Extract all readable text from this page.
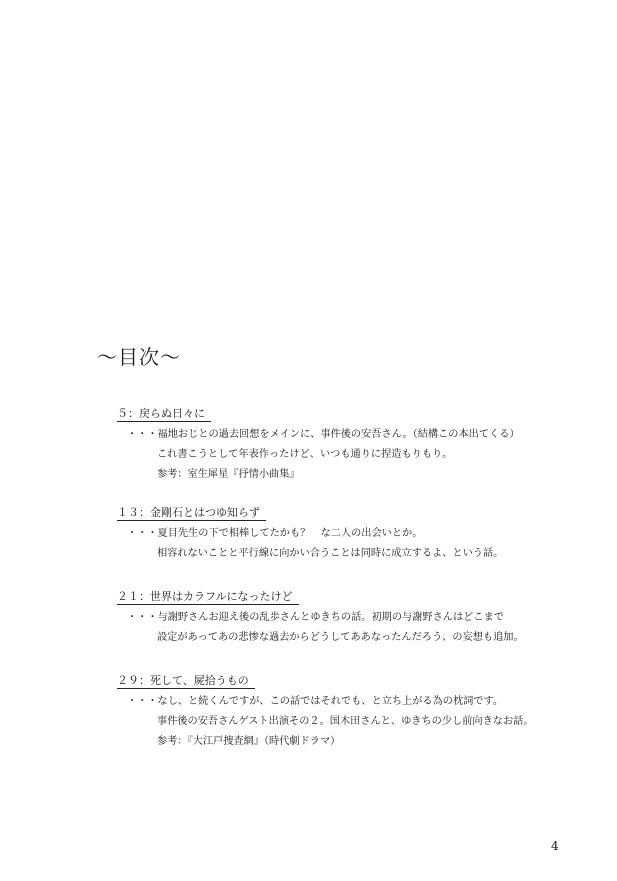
〜目次〜
５：戻らぬ日々に
・・・福地おじとの過去回想をメインに、事件後の安吾さん。（結構この本出てくる）
これ書こうとして年表作ったけど、いつも通りに捏造もりもり。
参考：室生犀星『抒情小曲集』
１３：金剛石とはつゆ知らず
・・・夏目先生の下で相棒してたかも？　な二人の出会いとか。
相容れないことと平行線に向かい合うことは同時に成立するよ、という話。
２１：世界はカラフルになったけど
・・・与謝野さんお迎え後の乱歩さんとゆきちの話。初期の与謝野さんはどこまで
設定があってあの悲惨な過去からどうしてああなったんだろう、の妄想も追加。
２９：死して、屍拾うもの
・・・なし、と続くんですが、この話ではそれでも、と立ち上がる為の枕詞です。
事件後の安吾さんゲスト出演その２。国木田さんと、ゆきちの少し前向きなお話。
参考：『大江戸捜査網』（時代劇ドラマ）
4
